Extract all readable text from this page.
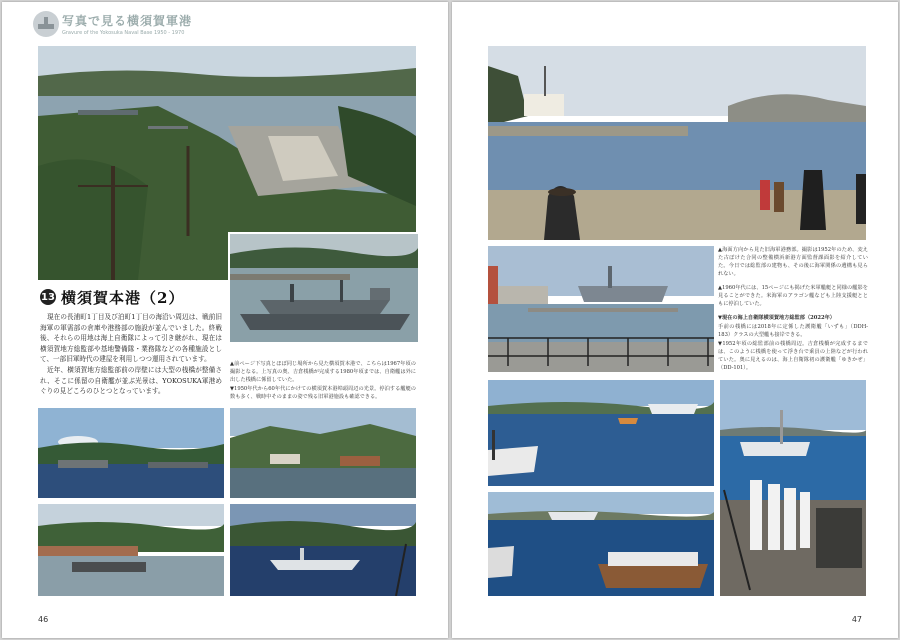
写真で見る横須賀軍港
Gravure of the Yokosuka Naval Base 1950 - 1970
13 横須賀本港（2）

現在の長浦町1丁目及び泊町1丁目の海沿い周辺は、戦前旧海軍の軍需部の倉庫や港務部の施設が並んでいました。終戦後、それらの用地は海上自衛隊によって引き継がれ、現在は横須賀地方総監部や基地警備隊・業務隊などの各種施設として、一部旧軍時代の建屋を利用しつつ運用されています。

近年、横須賀地方総監部前の岸壁には大型の桟橋が整備され、そこに係留の自衛艦が並ぶ光景は、YOKOSUKA軍港めぐりの見どころのひとつとなっています。

▲前ページ下写真とほぼ同じ場所から見た横須賀本港で、こちらは1967年頃の撮影となる。上写真の奥、吉倉桟橋が完成する1980年頃までは、自衛艦は外に出した桟橋に係留していた。
▼1950年代から60年代にかけての横須賀本港埠頭周辺の光景。停泊する艦艇の数も多く、戦時中そのままの姿で残る旧軍港施設も確認できる。
46
▲海面方向から見た旧海軍港務部。撮影は1952年のため、変えた古ぼけた合同の整備横浜新港方面監督課面影を紹介していた。今日では総監部の建物も、その後に海軍関係の遺構も見られない。
▲1960年代には、15ページにも掲げた米軍艦艇と同様の艦影を見ることができた。米海軍のアラゴン艦なども上陸支援艇とともに停泊していた。
▼現在の海上自衛隊横須賀地方総監部（2022年）
手前の桟橋には2018年に定係した護衛艦「いずも」（DDH-183）クラスの大型艦も接岸できる。
▼1952年頃の総監部前の桟橋周辺。吉倉桟橋が完成するまでは、このように桟橋を使って浮き台で乗員の上陸などが行われていた。奥に見えるのは、海上自衛隊初の護衛艦「ゆきかぜ」（DD-101）。
47
